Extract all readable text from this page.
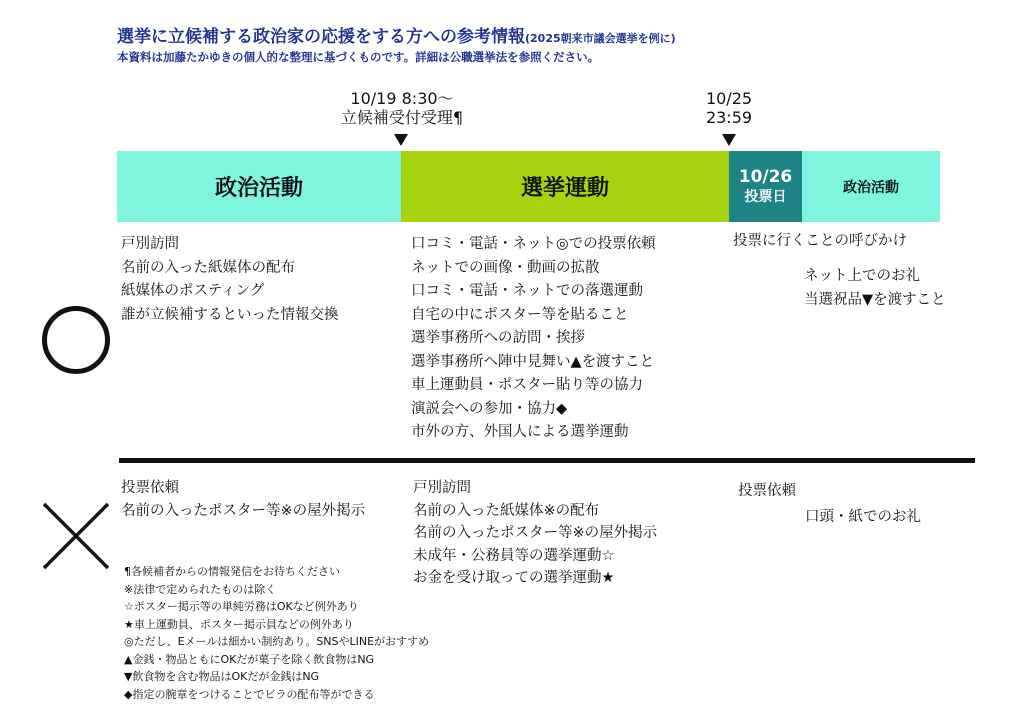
選挙に立候補する政治家の応援をする方への参考情報(2025朝来市議会選挙を例に)
本資料は加藤たかゆきの個人的な整理に基づくものです。詳細は公職選挙法を参照ください。
10/19 8:30〜
立候補受付受理¶
10/25
23:59
政治活動	選挙運動	10/26
投票日
政治活動
戸別訪問
名前の入った紙媒体の配布
紙媒体のポスティング
誰が立候補するといった情報交換
口コミ・電話・ネット◎での投票依頼
ネットでの画像・動画の拡散
口コミ・電話・ネットでの落選運動
自宅の中にポスター等を貼ること
選挙事務所への訪問・挨拶
選挙事務所へ陣中見舞い▲を渡すこと
車上運動員・ポスター貼り等の協力
演説会への参加・協力◆
市外の方、外国人による選挙運動
投票に行くことの呼びかけ
ネット上でのお礼
当選祝品▼を渡すこと
投票依頼
名前の入ったポスター等※の屋外掲示
戸別訪問
名前の入った紙媒体※の配布
名前の入ったポスター等※の屋外掲示
未成年・公務員等の選挙運動☆
お金を受け取っての選挙運動★
投票依頼
口頭・紙でのお礼
¶各候補者からの情報発信をお待ちください
※法律で定められたものは除く
☆ポスター掲示等の単純労務はOKなど例外あり
★車上運動員、ポスター掲示員などの例外あり
◎ただし、Eメールは細かい制約あり。SNSやLINEがおすすめ
▲金銭・物品ともにOKだが菓子を除く飲食物はNG
▼飲食物を含む物品はOKだが金銭はNG
◆指定の腕章をつけることでビラの配布等ができる
